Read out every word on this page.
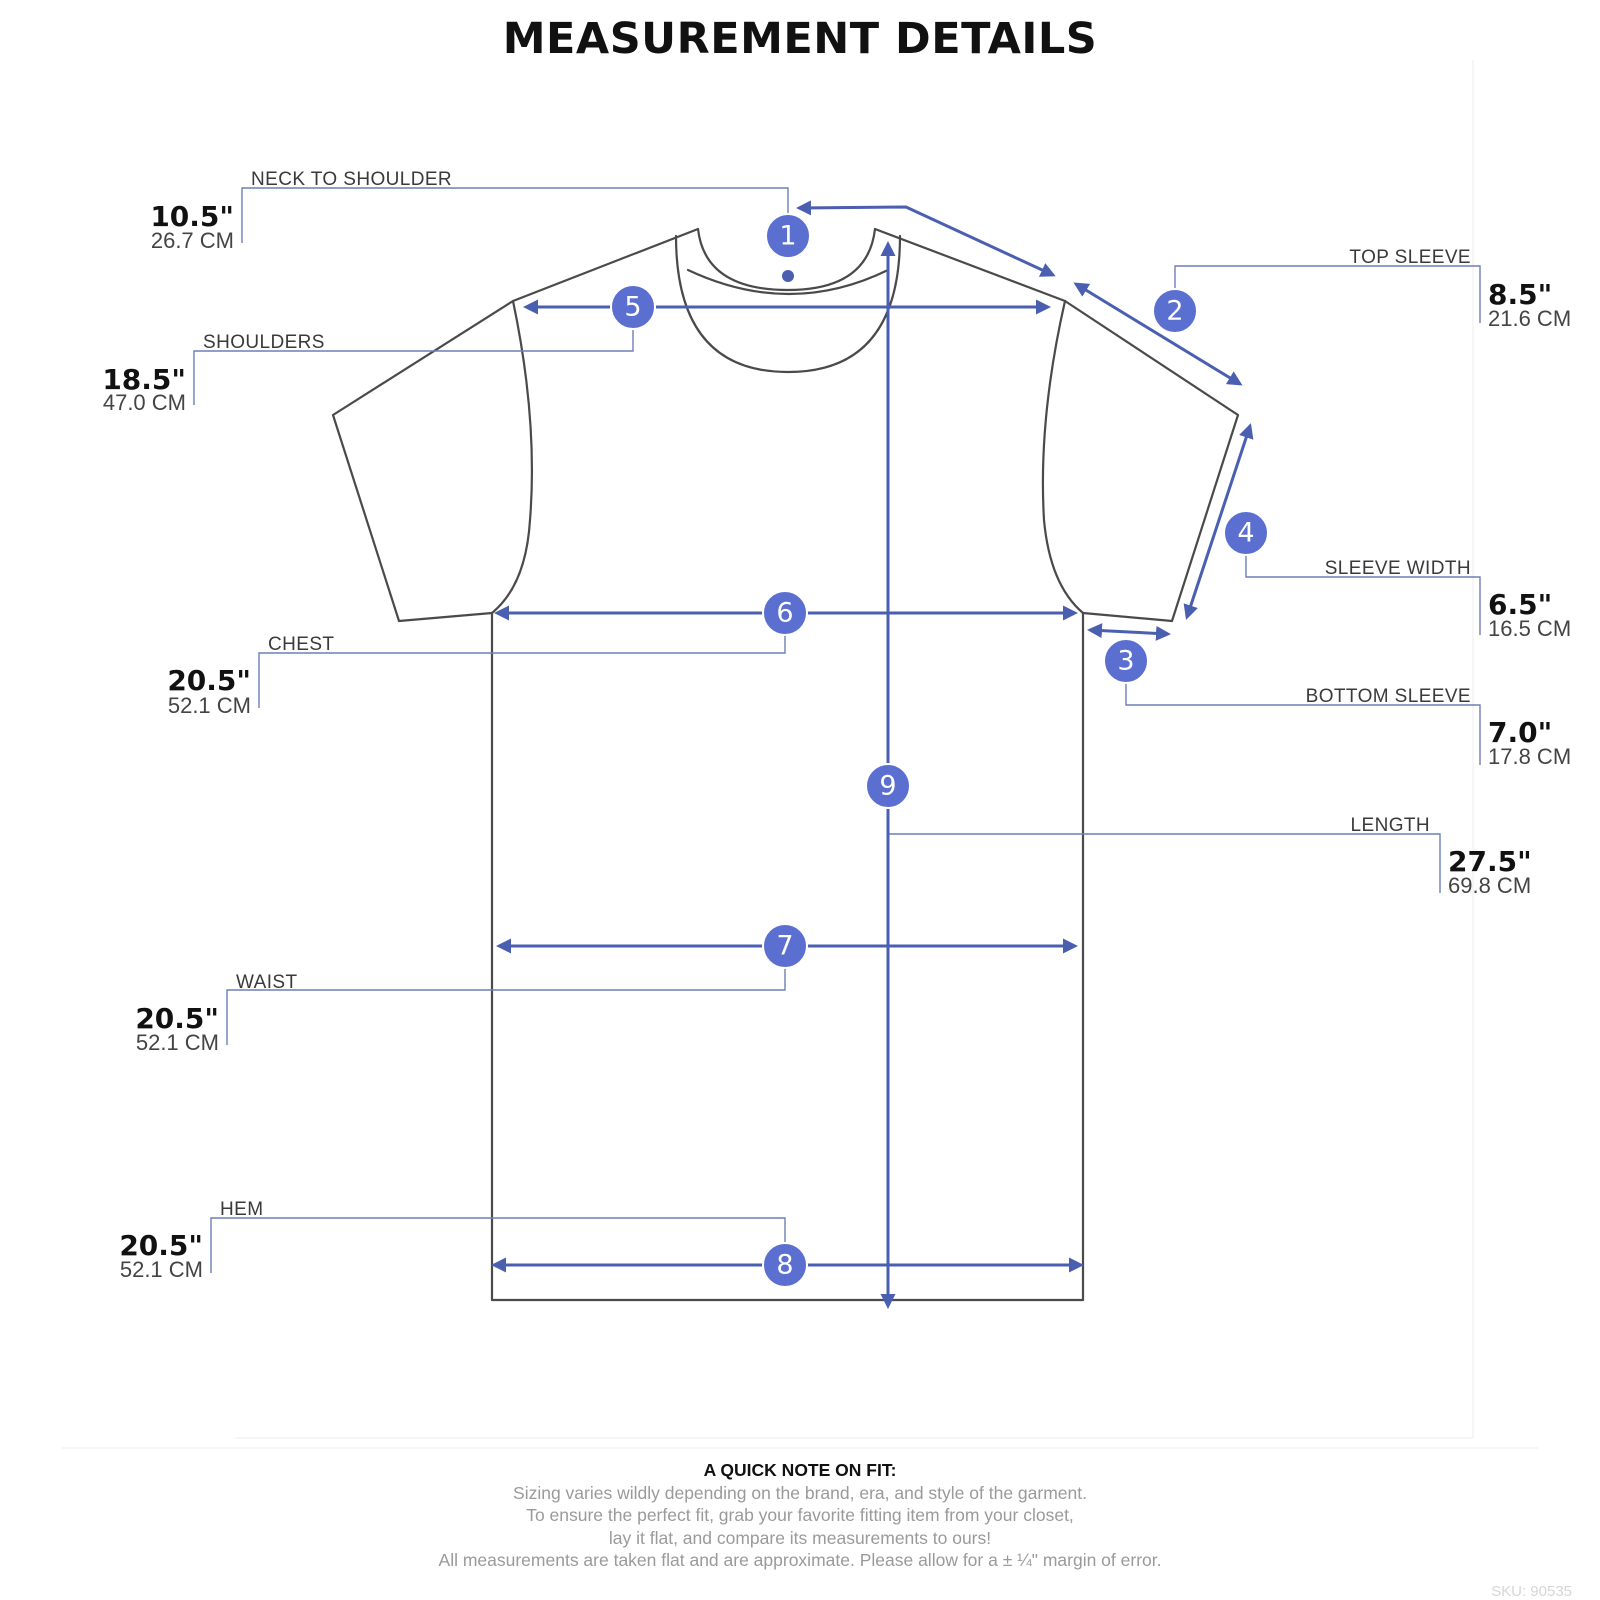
MEASUREMENT DETAILS
1
2
3
4
5
6
7
8
9
NECK TO SHOULDER
10.5"
26.7 CM
SHOULDERS
18.5"
47.0 CM
TOP SLEEVE
8.5"
21.6 CM
SLEEVE WIDTH
6.5"
16.5 CM
BOTTOM SLEEVE
7.0"
17.8 CM
CHEST
20.5"
52.1 CM
LENGTH
27.5"
69.8 CM
WAIST
20.5"
52.1 CM
HEM
20.5"
52.1 CM
A QUICK NOTE ON FIT:
Sizing varies wildly depending on the brand, era, and style of the garment.
To ensure the perfect fit, grab your favorite fitting item from your closet,
lay it flat, and compare its measurements to ours!
All measurements are taken flat and are approximate. Please allow for a ± ¼" margin of error.
SKU: 90535
